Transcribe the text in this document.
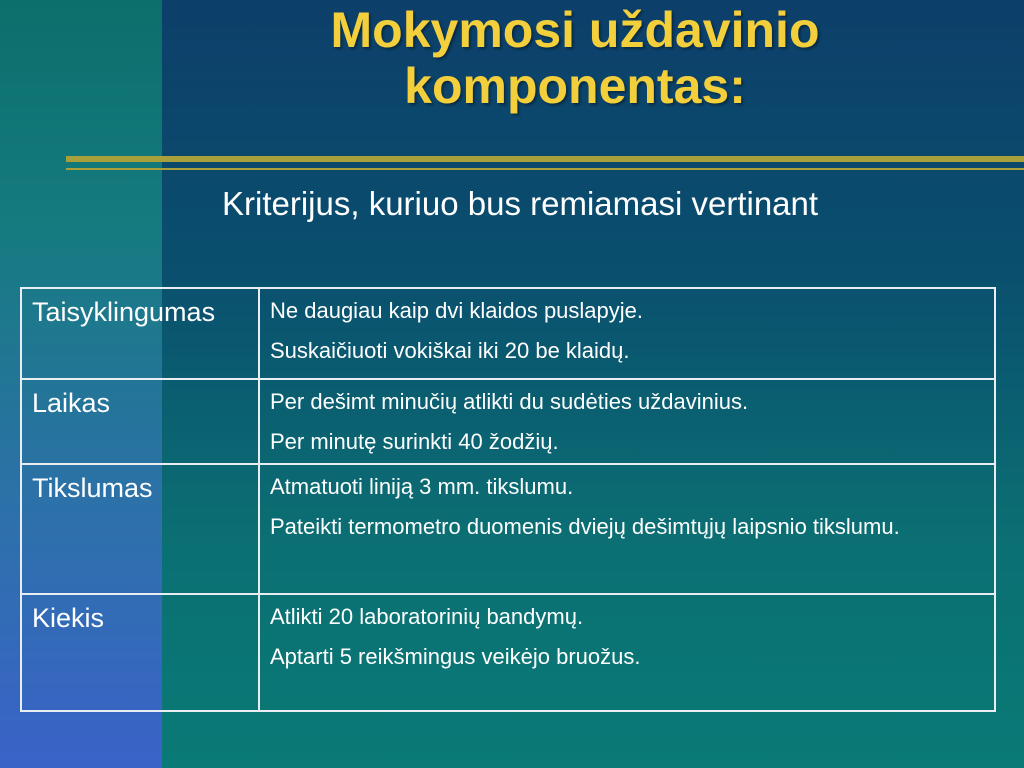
Mokymosi uždavinio
komponentas:
Kriterijus, kuriuo bus remiamasi vertinant
Taisyklingumas	Ne daugiau kaip dvi klaidos puslapyje.

Suskaičiuoti vokiškai iki 20 be klaidų.

Laikas	Per dešimt minučių atlikti du sudėties uždavinius.

Per minutę surinkti 40 žodžių.

Tikslumas	Atmatuoti liniją 3 mm. tikslumu.

Pateikti termometro duomenis dviejų dešimtųjų laipsnio tikslumu.

Kiekis	Atlikti 20 laboratorinių bandymų.

Aptarti 5 reikšmingus veikėjo bruožus.
